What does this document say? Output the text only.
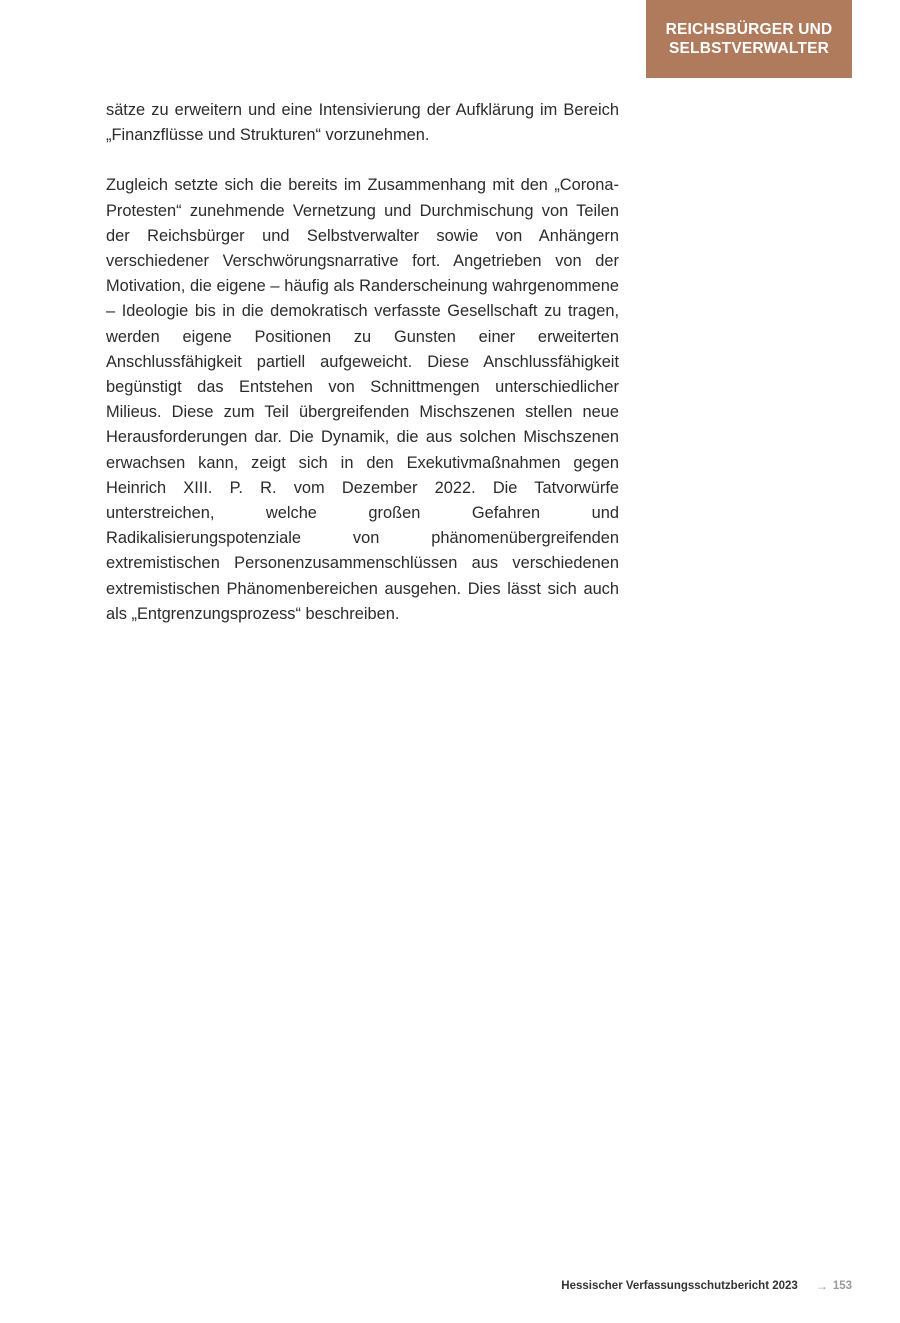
REICHSBÜRGER UND
SELBSTVERWALTER

sätze zu erweitern und eine Intensivierung der Aufklärung im Bereich „Finanzflüsse und Strukturen“ vorzunehmen.

Zugleich setzte sich die bereits im Zusammenhang mit den „Corona-Protesten“ zunehmende Vernetzung und Durchmischung von Teilen der Reichsbürger und Selbstverwalter sowie von Anhängern verschiedener Verschwörungsnarrative fort. Angetrieben von der Motivation, die eigene – häufig als Randerscheinung wahrgenommene – Ideologie bis in die demokratisch verfasste Gesellschaft zu tragen, werden eigene Positionen zu Gunsten einer erweiterten Anschlussfähigkeit partiell aufgeweicht. Diese Anschlussfähigkeit begünstigt das Entstehen von Schnittmengen unterschiedlicher Milieus. Diese zum Teil übergreifenden Mischszenen stellen neue Herausforderungen dar. Die Dynamik, die aus solchen Mischszenen erwachsen kann, zeigt sich in den Exekutivmaßnahmen gegen Heinrich XIII. P. R. vom Dezember 2022. Die Tatvorwürfe unterstreichen, welche großen Gefahren und Radikalisierungspotenziale von phänomenübergreifenden extremistischen Personenzusammenschlüssen aus verschiedenen extremistischen Phänomenbereichen ausgehen. Dies lässt sich auch als „Entgrenzungsprozess“ beschreiben.

Hessischer Verfassungsschutzbericht 2023 → 153
